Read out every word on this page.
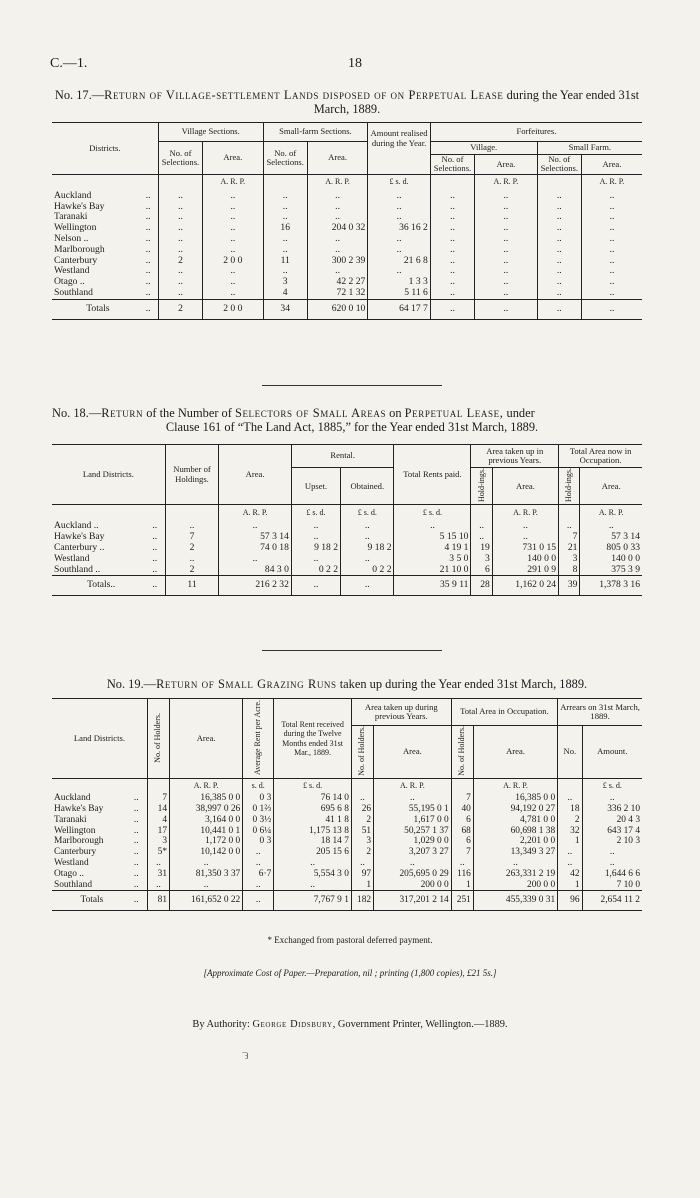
C.—1.	18
No. 17.—Return of Village-settlement Lands disposed of on Perpetual Lease during the Year ended 31st March, 1889.
Districts.		Village Sections.		Small-farm Sections.		Amount realised during the Year.	Forfeitures.			
		No. of Selections.	Area.	No. of Selections.	Area.		Village.		Small Farm.	
							No. of Selections.	Area.	No. of Selections.	Area.
			A. R. P.		A. R. P.	£ s. d.		A. R. P.		A. R. P.
Auckland	..	..	..	..	..	..	..	..	..	..
Hawke's Bay	..	..	..	..	..	..	..	..	..	..
Taranaki	..	..	..	..	..	..	..	..	..	..
Wellington	..	..	..	16	204 0 32	36 16 2	..	..	..	..
Nelson ..	..	..	..	..	..	..	..	..	..	..
Marlborough	..	..	..	..	..	..	..	..	..	..
Canterbury	..	2	2 0 0	11	300 2 39	21 6 8	..	..	..	..
Westland	..	..	..	..	..	..	..	..	..	..
Otago ..	..	..	..	3	42 2 27	1 3 3	..	..	..	..
Southland	..	..	..	4	72 1 32	5 11 6	..	..	..	..
Totals	..	2	2 0 0	34	620 0 10	64 17 7	..	..	..	..
No. 18.—Return of the Number of Selectors of Small Areas on Perpetual Lease, under
Clause 161 of “The Land Act, 1885,” for the Year ended 31st March, 1889.
Land Districts.		Number of Holdings.	Area.	Rental.		Total Rents paid.	Area taken up in previous Years.		Total Area now in Occupation.	
				Upset.	Obtained.		Hold-ings.	Area.	Hold-ings.	Area.
			A. R. P.	£ s. d.	£ s. d.	£ s. d.		A. R. P.		A. R. P.
Auckland ..	..	..	..	..	..	..	..	..	..	..
Hawke's Bay	..	7	57 3 14	..	..	5 15 10	..	..	7	57 3 14
Canterbury ..	..	2	74 0 18	9 18 2	9 18 2	4 19 1	19	731 0 15	21	805 0 33
Westland	..	..	..	..	..	3 5 0	3	140 0 0	3	140 0 0
Southland ..	..	2	84 3 0	0 2 2	0 2 2	21 10 0	6	291 0 9	8	375 3 9
Totals..	..	11	216 2 32	..	..	35 9 11	28	1,162 0 24	39	1,378 3 16
No. 19.—Return of Small Grazing Runs taken up during the Year ended 31st March, 1889.
Land Districts.		No. of Holders.	Area.	Average Rent per Acre.	Total Rent received during the Twelve Months ended 31st Mar., 1889.	Area taken up during previous Years.		Total Area in Occupation.		Arrears on 31st March, 1889.	
						No. of Holders.	Area.	No. of Holders.	Area.	No.	Amount.
			A. R. P.	s. d.	£ s. d.		A. R. P.		A. R. P.		£ s. d.
Auckland	..	7	16,385 0 0	0 3	76 14 0	..	..	7	16,385 0 0	..	..
Hawke's Bay	..	14	38,997 0 26	0 1⅔	695 6 8	26	55,195 0 1	40	94,192 0 27	18	336 2 10
Taranaki	..	4	3,164 0 0	0 3½	41 1 8	2	1,617 0 0	6	4,781 0 0	2	20 4 3
Wellington	..	17	10,441 0 1	0 6¼	1,175 13 8	51	50,257 1 37	68	60,698 1 38	32	643 17 4
Marlborough	..	3	1,172 0 0	0 3	18 14 7	3	1,029 0 0	6	2,201 0 0	1	2 10 3
Canterbury	..	5*	10,142 0 0	..	205 15 6	2	3,207 3 27	7	13,349 3 27	..	..
Westland	..	..	..	..	..	..	..	..	..	..	..
Otago ..	..	31	81,350 3 37	6·7	5,554 3 0	97	205,695 0 29	116	263,331 2 19	42	1,644 6 6
Southland	..	..	..	..	..	1	200 0 0	1	200 0 0	1	7 10 0
Totals	..	81	161,652 0 22	..	7,767 9 1	182	317,201 2 14	251	455,339 0 31	96	2,654 11 2
* Exchanged from pastoral deferred payment.
[Approximate Cost of Paper.—Preparation, nil ; printing (1,800 copies), £21 5s.]
By Authority: George Didsbury, Government Printer, Wellington.—1889.
ᘊ
